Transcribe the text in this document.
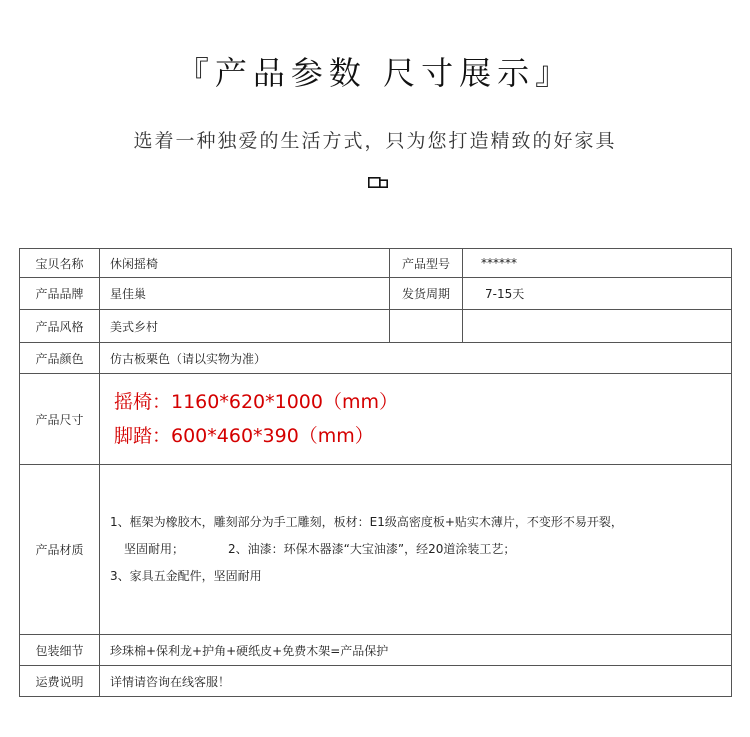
『产品参数 尺寸展示』
选着一种独爱的生活方式，只为您打造精致的好家具
宝贝名称	休闲摇椅	产品型号	******
产品品牌	星佳巢	发货周期	7-15天
产品风格	美式乡村		
产品颜色	仿古板栗色（请以实物为准）		
产品尺寸	摇椅：1160*620*1000（mm）
脚踏：600*460*390（mm）		

产品材质	1、框架为橡胶木，雕刻部分为手工雕刻，板材：E1级高密度板+贴实木薄片，不变形不易开裂，
坚固耐用； 2、油漆：环保木器漆“大宝油漆”，经20道涂装工艺；
3、家具五金配件，坚固耐用		

包装细节	珍珠棉+保利龙+护角+硬纸皮+免费木架=产品保护		
运费说明	详情请咨询在线客服！		
